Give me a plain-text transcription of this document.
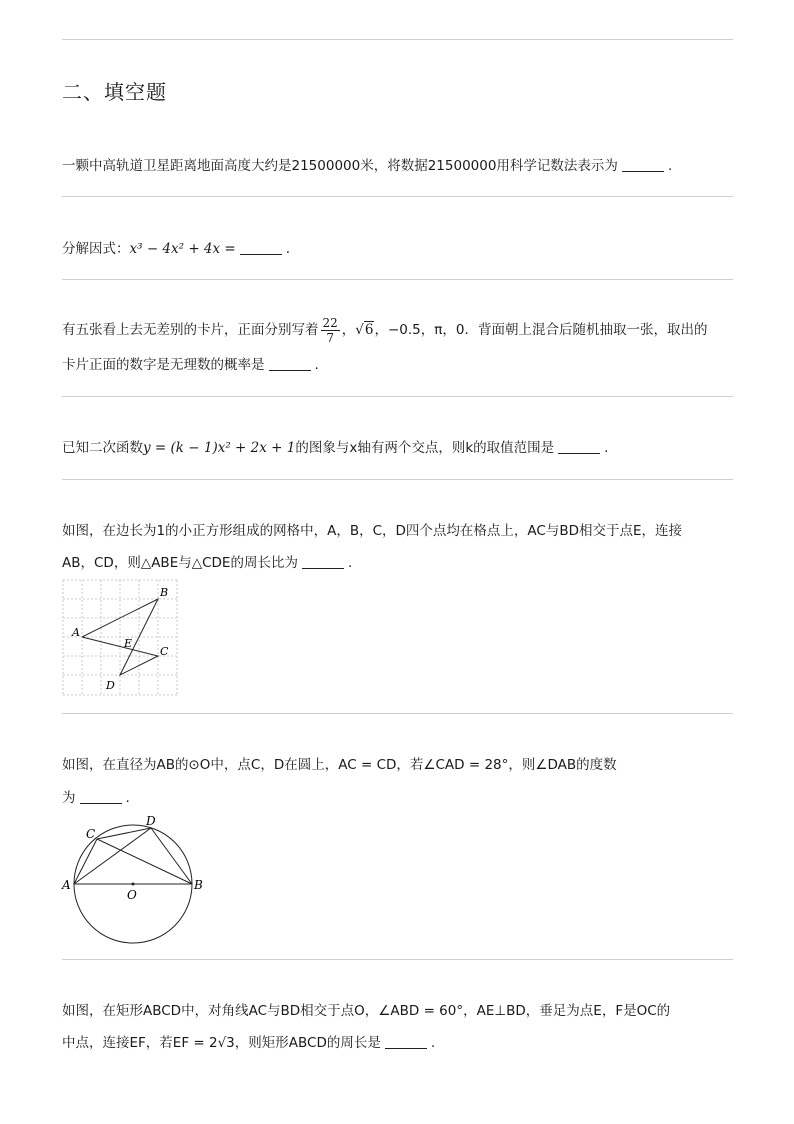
二、填空题
一颗中高轨道卫星距离地面高度大约是21500000米，将数据21500000用科学记数法表示为	.
分解因式：x³ − 4x² + 4x =	.
有五张看上去无差别的卡片，正面分别写着 $\frac{22}{7}$ ，√6，−0.5，π，0．背面朝上混合后随机抽取一张，取出的
卡片正面的数字是无理数的概率是	.
已知二次函数y = (k − 1)x² + 2x + 1的图象与x轴有两个交点，则k的取值范围是	.
如图，在边长为1的小正方形组成的网格中，A，B，C，D四个点均在格点上，AC与BD相交于点E，连接
AB，CD，则△ABE与△CDE的周长比为	.
A
B
C
D
E
如图，在直径为AB的⊙O中，点C，D在圆上，AC = CD，若∠CAD = 28°，则∠DAB的度数
为	.
A	B
C
D
O
如图，在矩形ABCD中，对角线AC与BD相交于点O，∠ABD = 60°，AE⊥BD，垂足为点E，F是OC的
中点，连接EF，若EF = 2√3，则矩形ABCD的周长是	.
